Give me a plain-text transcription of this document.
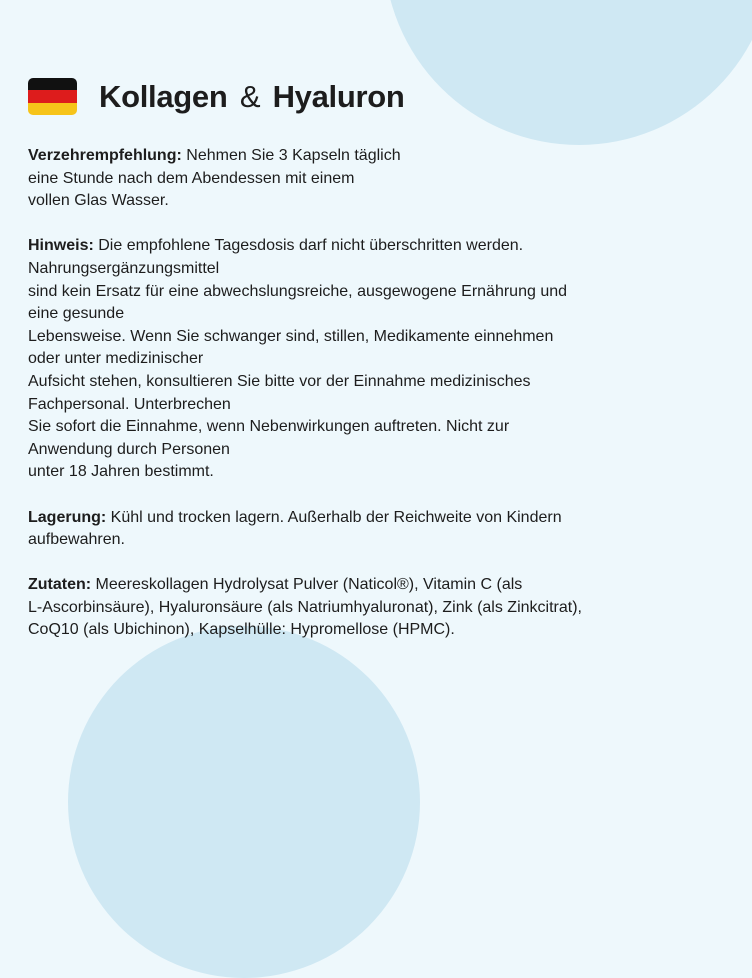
Kollagen & Hyaluron
Verzehrempfehlung: Nehmen Sie 3 Kapseln täglich
eine Stunde nach dem Abendessen mit einem
vollen Glas Wasser.
Hinweis: Die empfohlene Tagesdosis darf nicht überschritten werden.
Nahrungsergänzungsmittel
sind kein Ersatz für eine abwechslungsreiche, ausgewogene Ernährung und
eine gesunde
Lebensweise. Wenn Sie schwanger sind, stillen, Medikamente einnehmen
oder unter medizinischer
Aufsicht stehen, konsultieren Sie bitte vor der Einnahme medizinisches
Fachpersonal. Unterbrechen
Sie sofort die Einnahme, wenn Nebenwirkungen auftreten. Nicht zur
Anwendung durch Personen
unter 18 Jahren bestimmt.
Lagerung: Kühl und trocken lagern. Außerhalb der Reichweite von Kindern
aufbewahren.
Zutaten: Meereskollagen Hydrolysat Pulver (Naticol®), Vitamin C (als
L-Ascorbinsäure), Hyaluronsäure (als Natriumhyaluronat), Zink (als Zinkcitrat),
CoQ10 (als Ubichinon), Kapselhülle: Hypromellose (HPMC).
